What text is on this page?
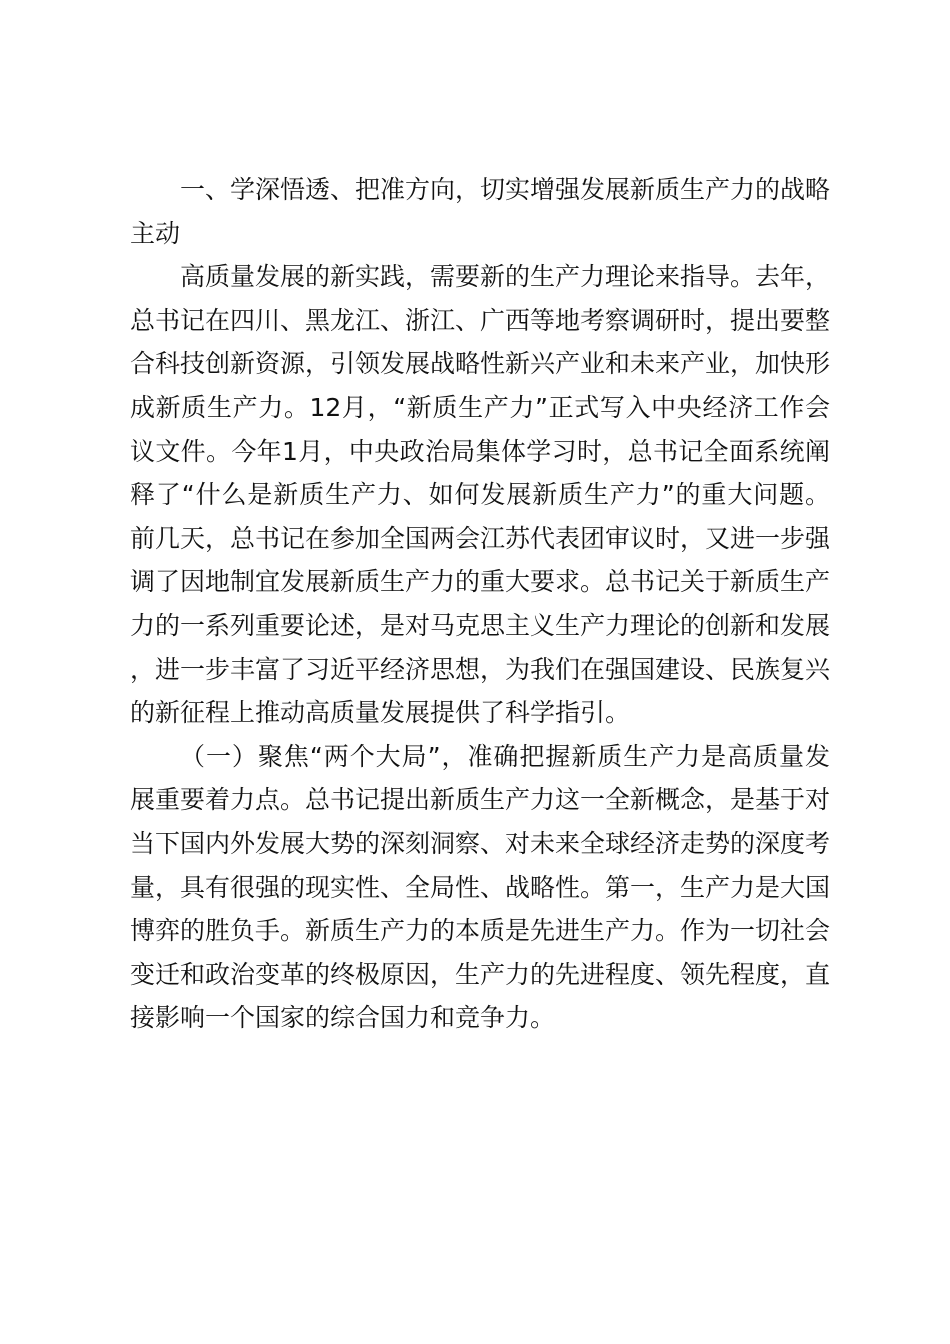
一、学深悟透、把准方向，切实增强发展新质生产力的战略主动

高质量发展的新实践，需要新的生产力理论来指导。去年，总书记在四川、黑龙江、浙江、广西等地考察调研时，提出要整合科技创新资源，引领发展战略性新兴产业和未来产业，加快形成新质生产力。12月，“新质生产力”正式写入中央经济工作会议文件。今年1月，中央政治局集体学习时，总书记全面系统阐释了“什么是新质生产力、如何发展新质生产力”的重大问题。前几天，总书记在参加全国两会江苏代表团审议时，又进一步强调了因地制宜发展新质生产力的重大要求。总书记关于新质生产力的一系列重要论述，是对马克思主义生产力理论的创新和发展，进一步丰富了习近平经济思想，为我们在强国建设、民族复兴的新征程上推动高质量发展提供了科学指引。

（一）聚焦“两个大局”，准确把握新质生产力是高质量发展重要着力点。总书记提出新质生产力这一全新概念，是基于对当下国内外发展大势的深刻洞察、对未来全球经济走势的深度考量，具有很强的现实性、全局性、战略性。第一，生产力是大国博弈的胜负手。新质生产力的本质是先进生产力。作为一切社会变迁和政治变革的终极原因，生产力的先进程度、领先程度，直接影响一个国家的综合国力和竞争力。
